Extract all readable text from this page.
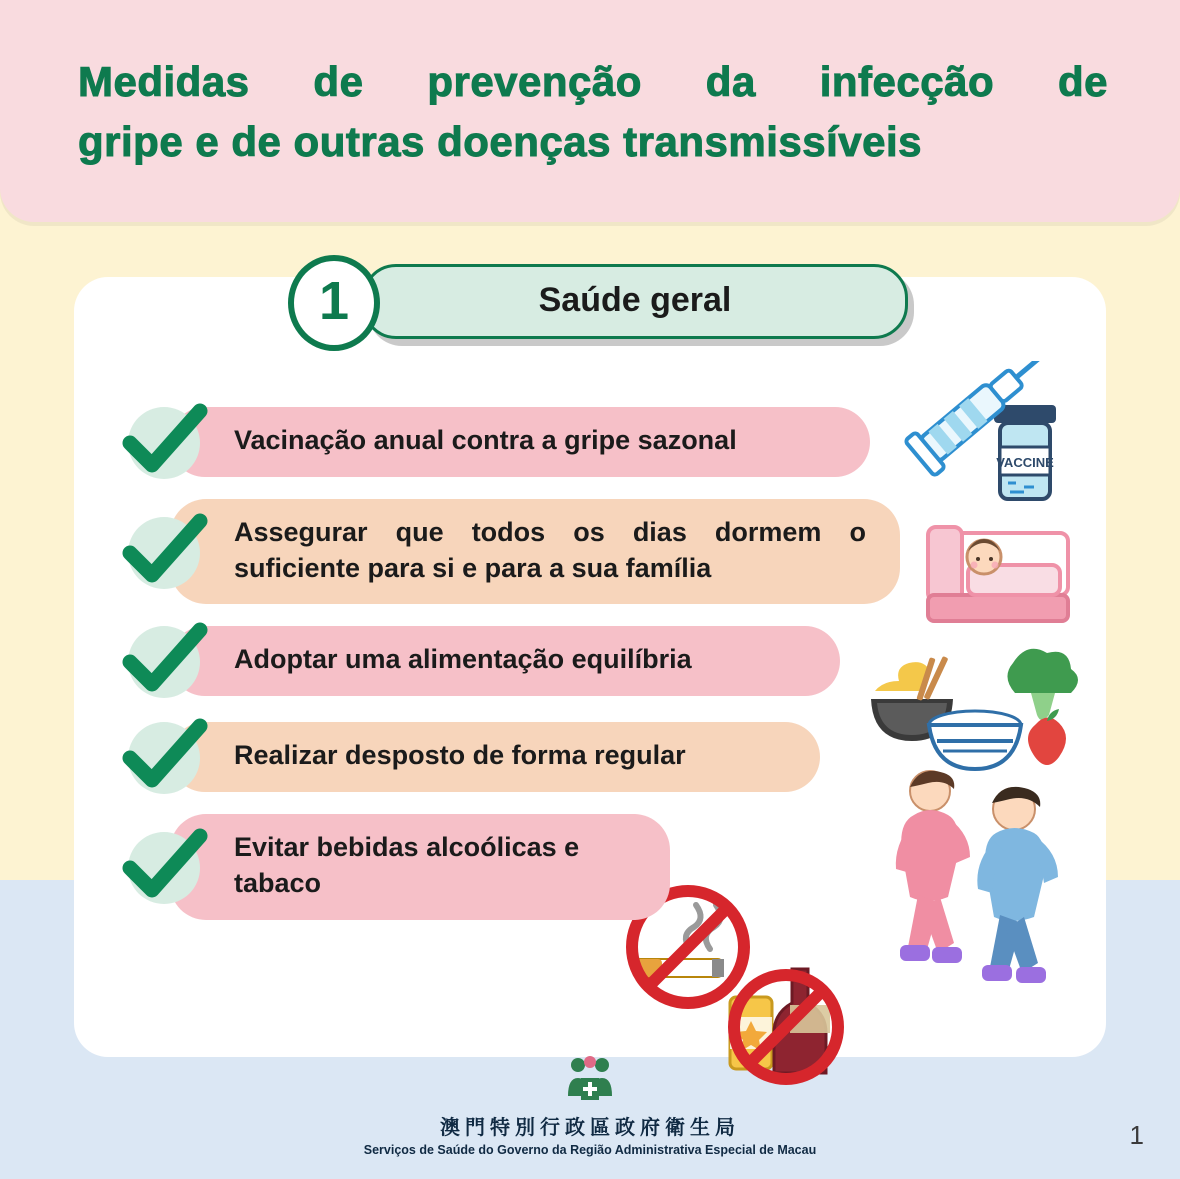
Medidas de prevenção da infecção de
gripe e de outras doenças transmissíveis
1	Saúde geral
VACCINE
Vacinação anual contra a gripe sazonal
Assegurar que todos os dias dormem o
suficiente para si e para a sua família
Adoptar uma alimentação equilíbria
Realizar desposto de forma regular
Evitar bebidas alcoólicas e tabaco
澳門特別行政區政府衛生局
Serviços de Saúde do Governo da Região Administrativa Especial de Macau	1
